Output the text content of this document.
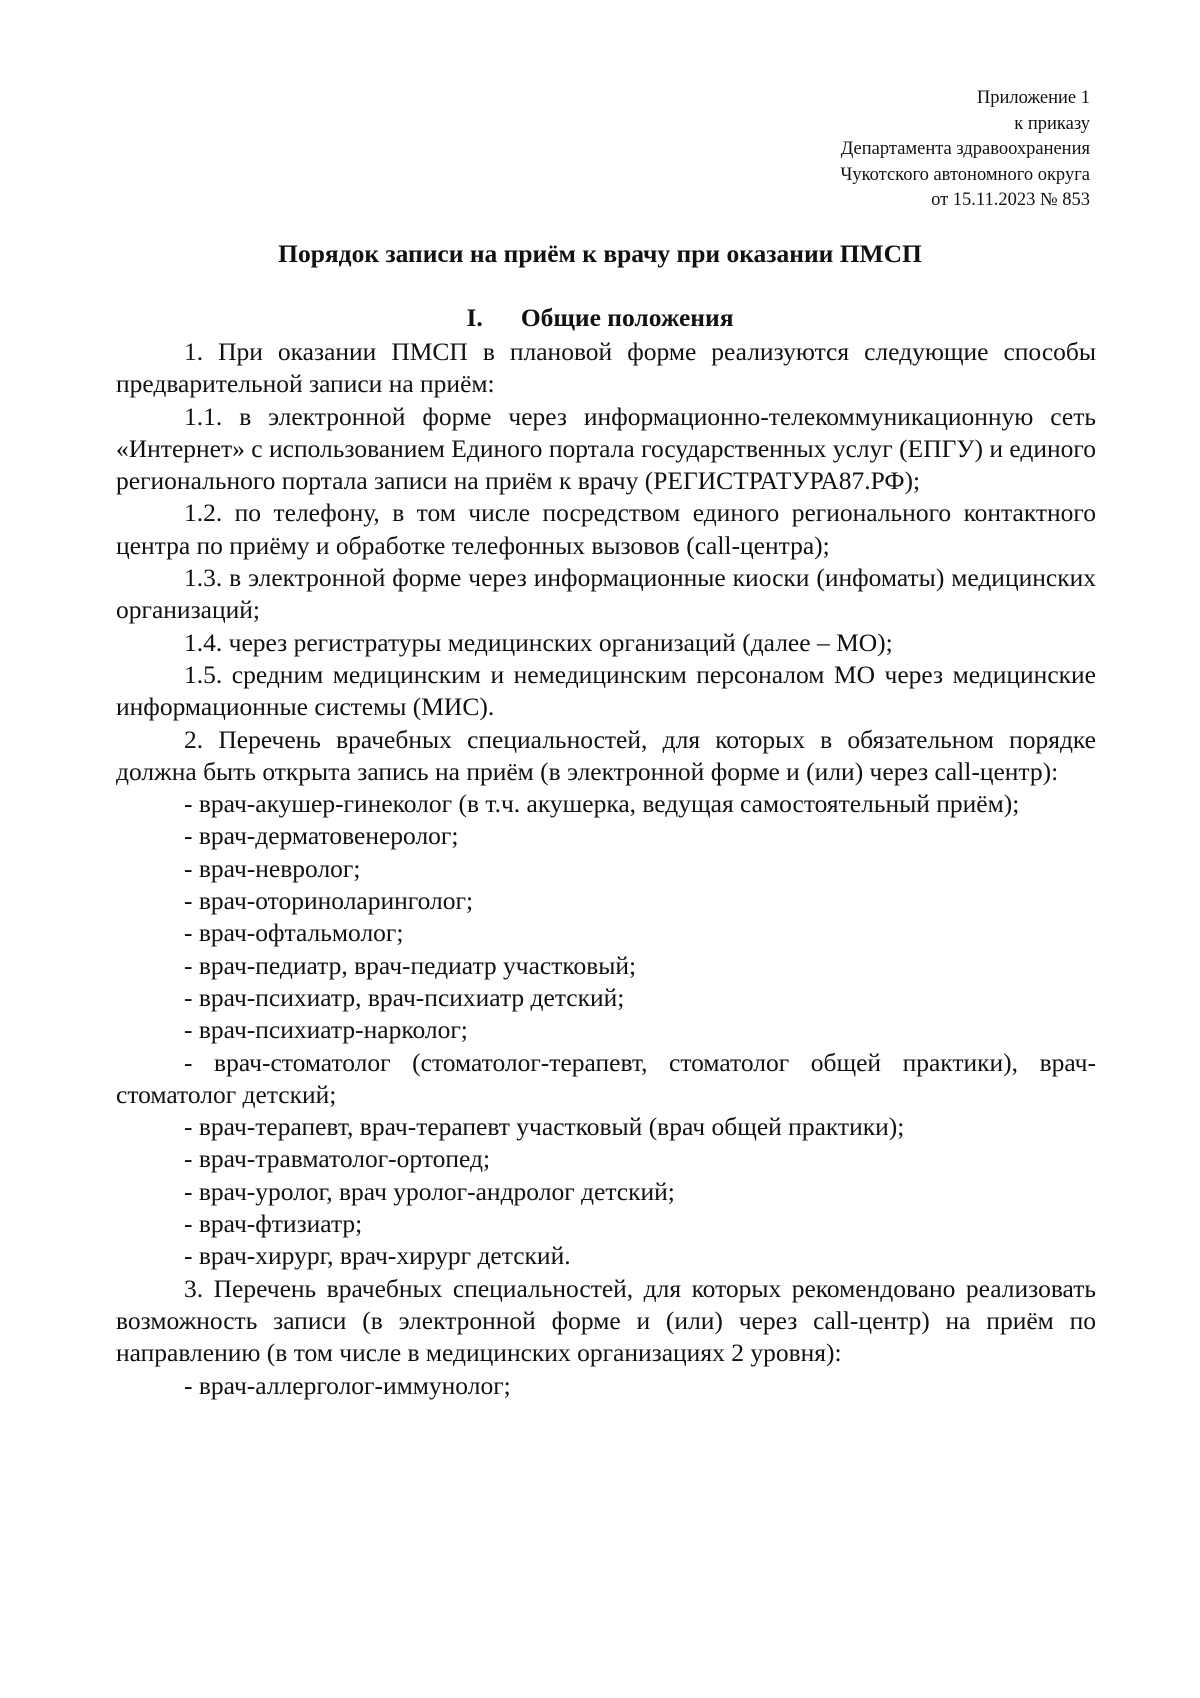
Приложение 1
к приказу
Департамента здравоохранения
Чукотского автономного округа
от 15.11.2023 № 853
Порядок записи на приём к врачу при оказании ПМСП
I. Общие положения

1. При оказании ПМСП в плановой форме реализуются следующие способы предварительной записи на приём:

1.1. в электронной форме через информационно-телекоммуникационную сеть «Интернет» с использованием Единого портала государственных услуг (ЕПГУ) и единого регионального портала записи на приём к врачу (РЕГИСТРАТУРА87.РФ);

1.2. по телефону, в том числе посредством единого регионального контактного центра по приёму и обработке телефонных вызовов (call-центра);

1.3. в электронной форме через информационные киоски (инфоматы) медицинских организаций;

1.4. через регистратуры медицинских организаций (далее – МО);

1.5. средним медицинским и немедицинским персоналом МО через медицинские информационные системы (МИС).

2. Перечень врачебных специальностей, для которых в обязательном порядке должна быть открыта запись на приём (в электронной форме и (или) через call-центр):

- врач-акушер-гинеколог (в т.ч. акушерка, ведущая самостоятельный приём);

- врач-дерматовенеролог;

- врач-невролог;

- врач-оториноларинголог;

- врач-офтальмолог;

- врач-педиатр, врач-педиатр участковый;

- врач-психиатр, врач-психиатр детский;

- врач-психиатр-нарколог;

- врач-стоматолог (стоматолог-терапевт, стоматолог общей практики), врач-стоматолог детский;

- врач-терапевт, врач-терапевт участковый (врач общей практики);

- врач-травматолог-ортопед;

- врач-уролог, врач уролог-андролог детский;

- врач-фтизиатр;

- врач-хирург, врач-хирург детский.

3. Перечень врачебных специальностей, для которых рекомендовано реализовать возможность записи (в электронной форме и (или) через call-центр) на приём по направлению (в том числе в медицинских организациях 2 уровня):

- врач-аллерголог-иммунолог;
